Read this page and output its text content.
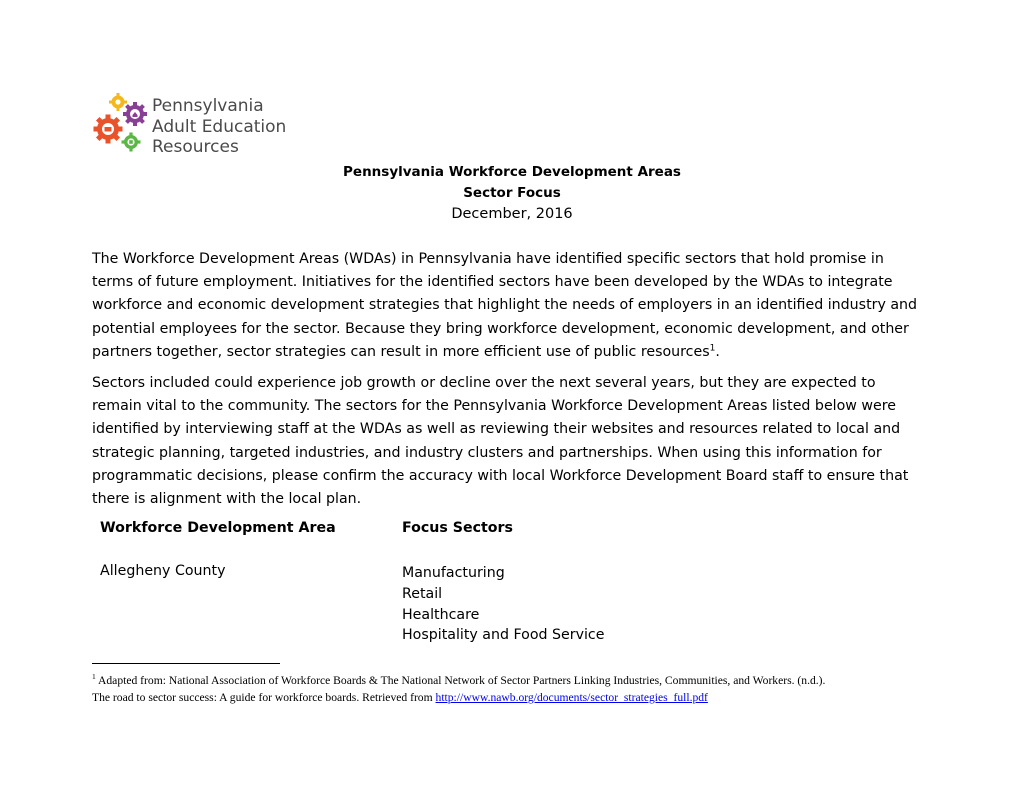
Pennsylvania
Adult Education
Resources
Pennsylvania Workforce Development Areas
Sector Focus
December, 2016
The Workforce Development Areas (WDAs) in Pennsylvania have identified specific sectors that hold promise in
terms of future employment. Initiatives for the identified sectors have been developed by the WDAs to integrate
workforce and economic development strategies that highlight the needs of employers in an identified industry and
potential employees for the sector. Because they bring workforce development, economic development, and other
partners together, sector strategies can result in more efficient use of public resources$^1$.
Sectors included could experience job growth or decline over the next several years, but they are expected to
remain vital to the community. The sectors for the Pennsylvania Workforce Development Areas listed below were
identified by interviewing staff at the WDAs as well as reviewing their websites and resources related to local and
strategic planning, targeted industries, and industry clusters and partnerships. When using this information for
programmatic decisions, please confirm the accuracy with local Workforce Development Board staff to ensure that
there is alignment with the local plan.
Workforce Development Area	Focus Sectors
Allegheny County	Manufacturing
Retail
Healthcare
Hospitality and Food Service
$^1$ Adapted from: National Association of Workforce Boards & The National Network of Sector Partners Linking Industries, Communities, and Workers. (n.d.).
The road to sector success: A guide for workforce boards. Retrieved from http://www.nawb.org/documents/sector_strategies_full.pdf
